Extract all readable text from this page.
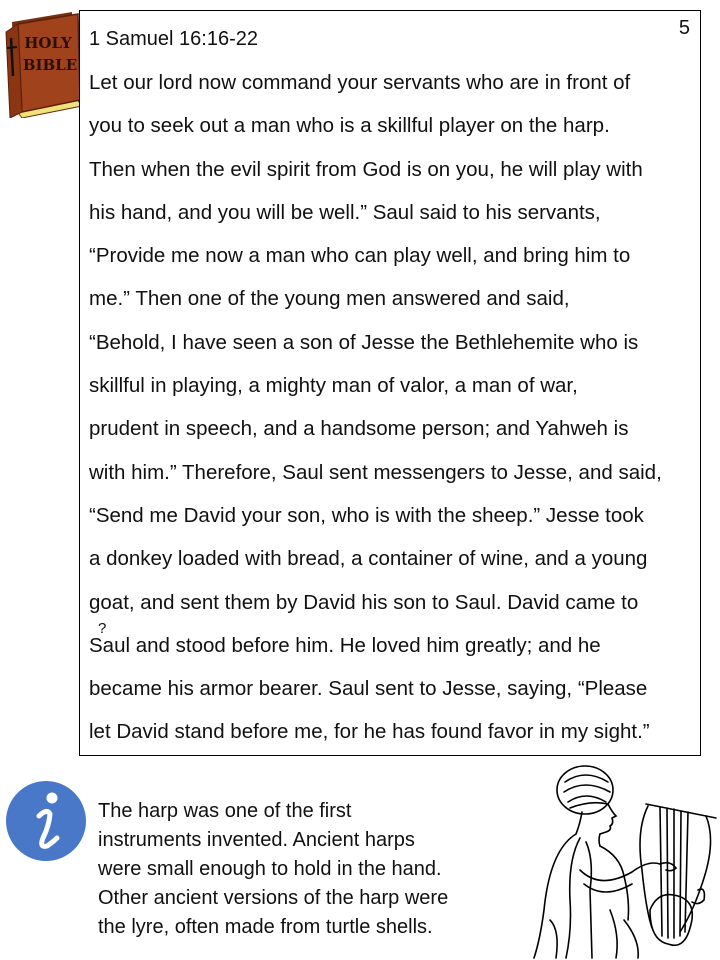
HOLY
BIBLE
5
1 Samuel 16:16-22
Let our lord now command your servants who are in front of
you to seek out a man who is a skillful player on the harp.
Then when the evil spirit from God is on you, he will play with
his hand, and you will be well.” Saul said to his servants,
“Provide me now a man who can play well, and bring him to
me.” Then one of the young men answered and said,
“Behold, I have seen a son of Jesse the Bethlehemite who is
skillful in playing, a mighty man of valor, a man of war,
prudent in speech, and a handsome person; and Yahweh is
with him.” Therefore, Saul sent messengers to Jesse, and said,
“Send me David your son, who is with the sheep.” Jesse took
a donkey loaded with bread, a container of wine, and a young
goat, and sent them by David his son to Saul. David came to
Saul and stood before him. He loved him greatly; and he
became his armor bearer. Saul sent to Jesse, saying, “Please
let David stand before me, for he has found favor in my sight.”
?
The harp was one of the first
instruments invented. Ancient harps
were small enough to hold in the hand.
Other ancient versions of the harp were
the lyre, often made from turtle shells.
